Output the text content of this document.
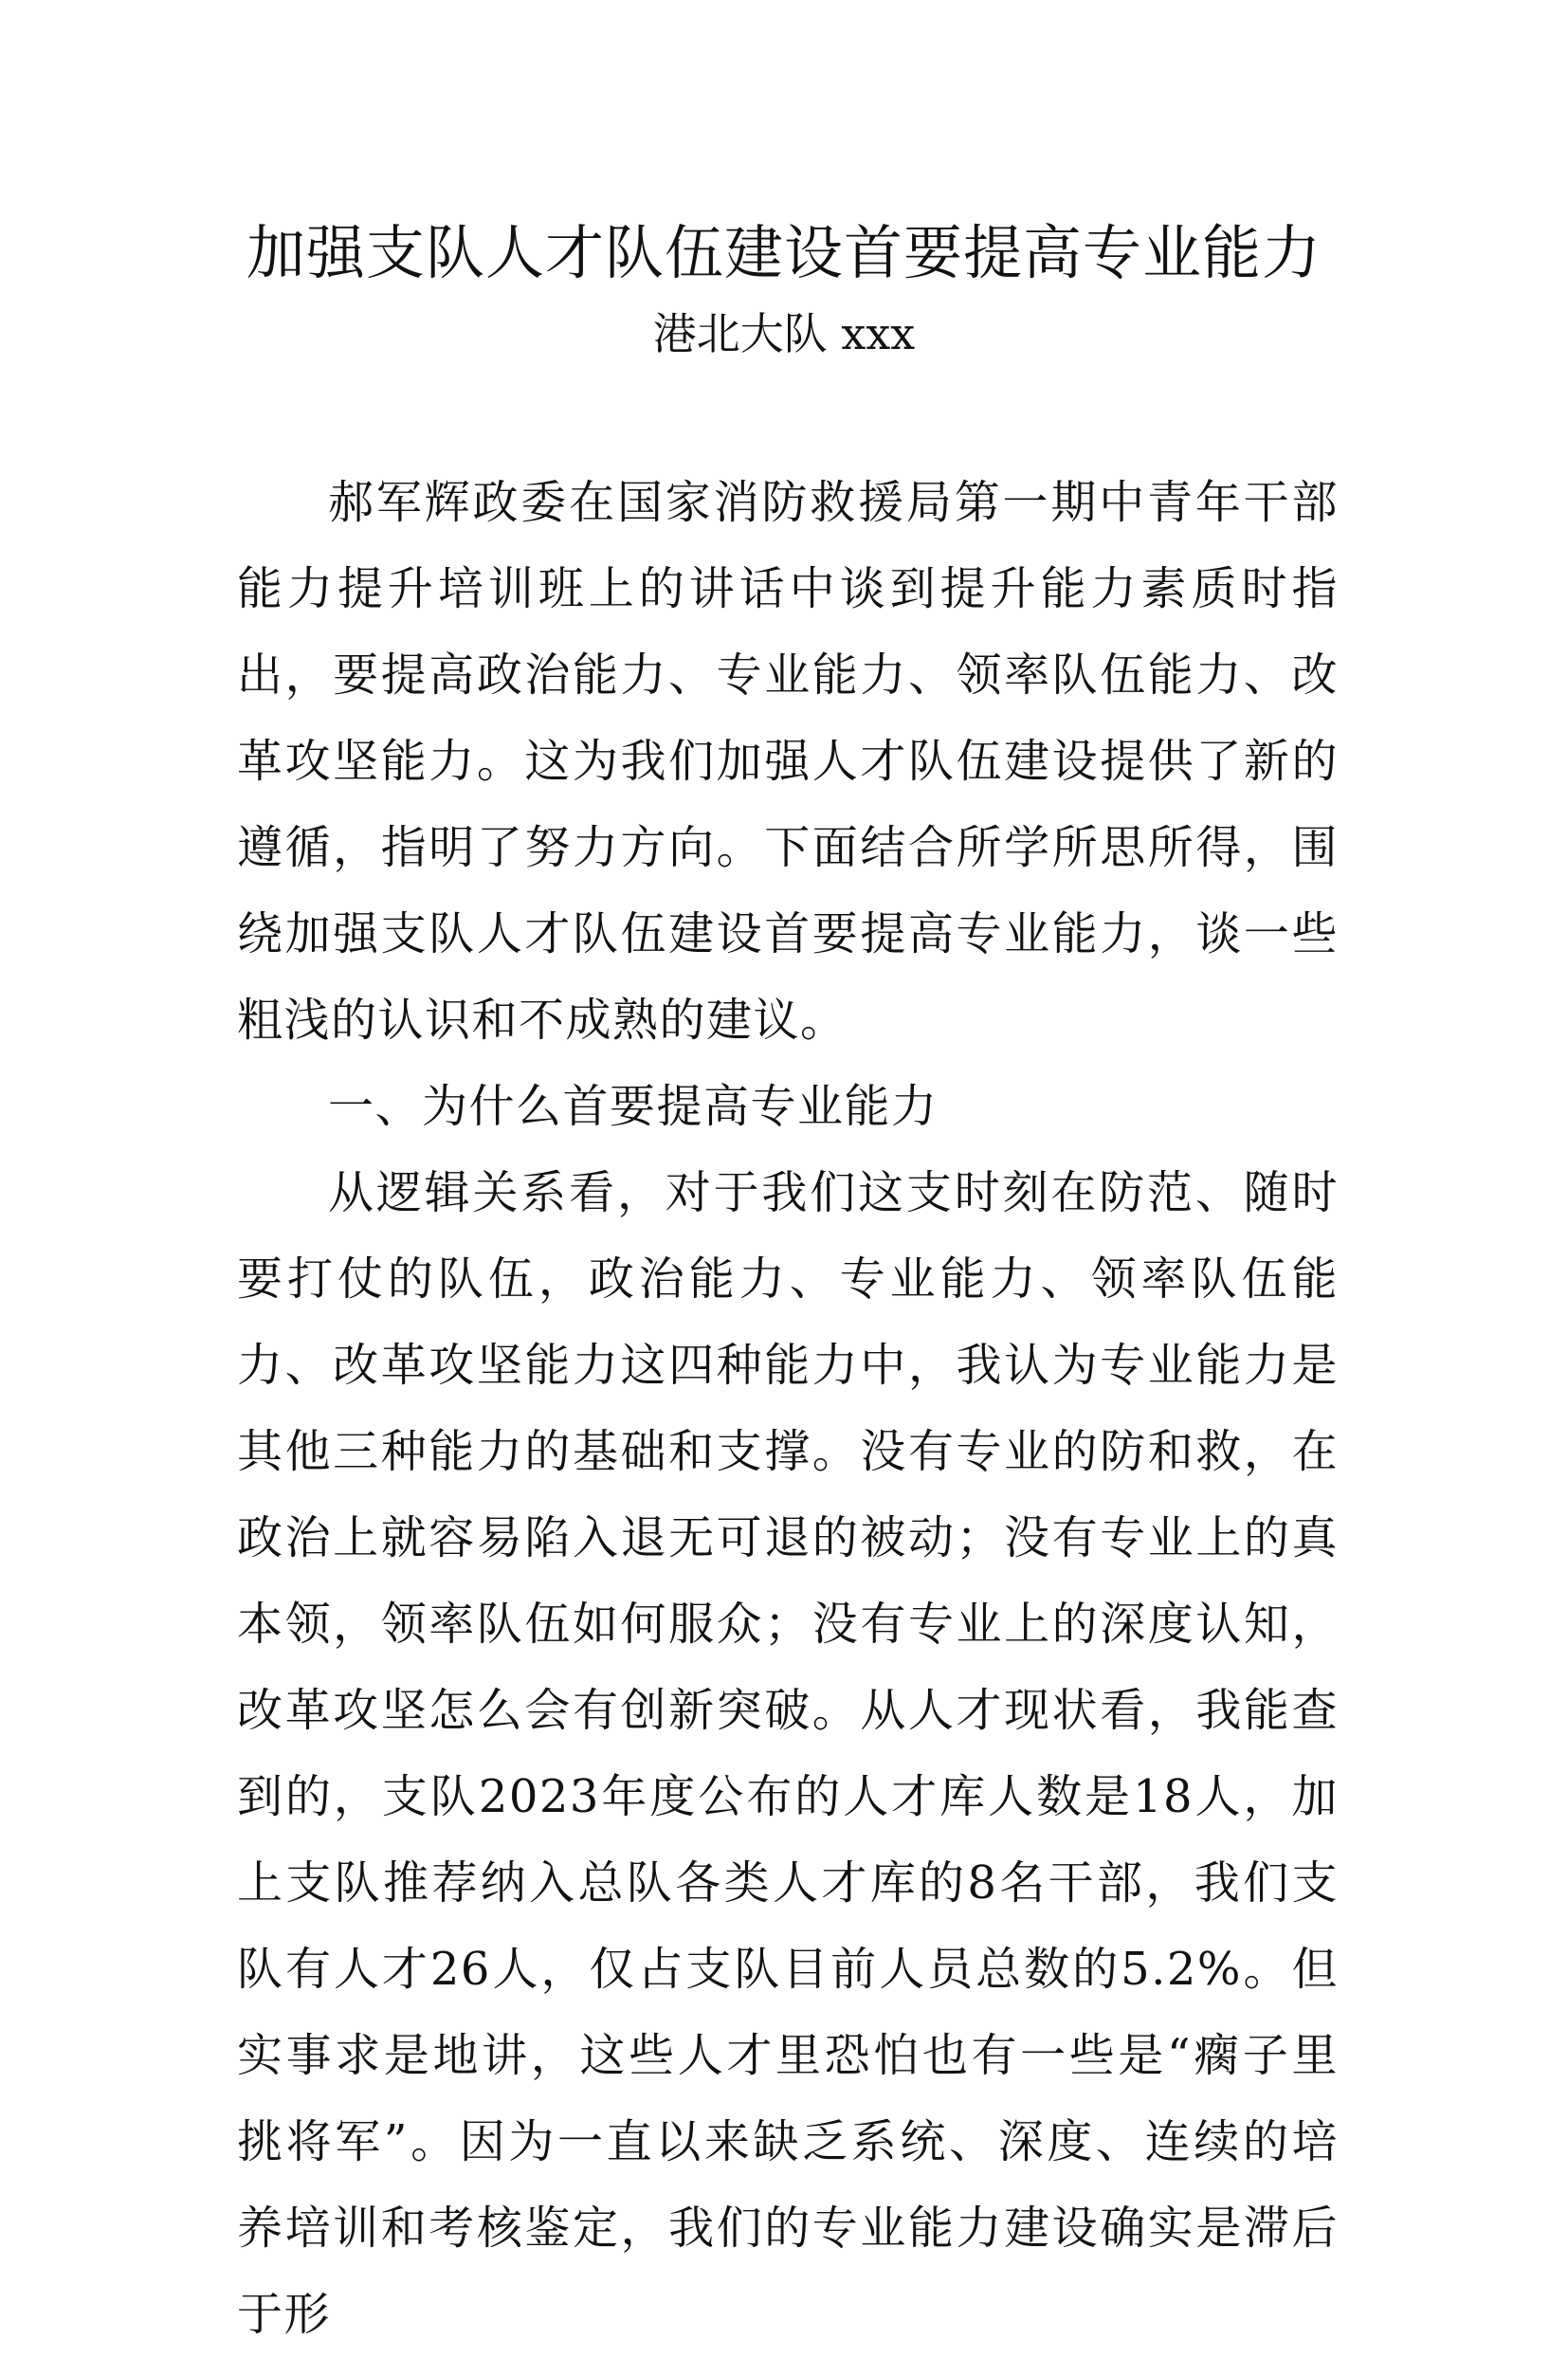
加强支队人才队伍建设首要提高专业能力
港北大队 xxx

郝军辉政委在国家消防救援局第一期中青年干部能力提升培训班上的讲话中谈到提升能力素质时指出，要提高政治能力、专业能力、领率队伍能力、改革攻坚能力。这为我们加强人才队伍建设提供了新的遵循，指明了努力方向。下面结合所学所思所得，围绕加强支队人才队伍建设首要提高专业能力，谈一些粗浅的认识和不成熟的建议。

一、为什么首要提高专业能力

从逻辑关系看，对于我们这支时刻在防范、随时要打仗的队伍，政治能力、专业能力、领率队伍能力、改革攻坚能力这四种能力中，我认为专业能力是其他三种能力的基础和支撑。没有专业的防和救，在政治上就容易陷入退无可退的被动；没有专业上的真本领，领率队伍如何服众；没有专业上的深度认知，改革攻坚怎么会有创新突破。从人才现状看，我能查到的，支队2023年度公布的人才库人数是18人，加上支队推荐纳入总队各类人才库的8名干部，我们支队有人才26人，仅占支队目前人员总数的5.2%。但实事求是地讲，这些人才里恐怕也有一些是“瘸子里挑将军”。因为一直以来缺乏系统、深度、连续的培养培训和考核鉴定，我们的专业能力建设确实是滞后于形
